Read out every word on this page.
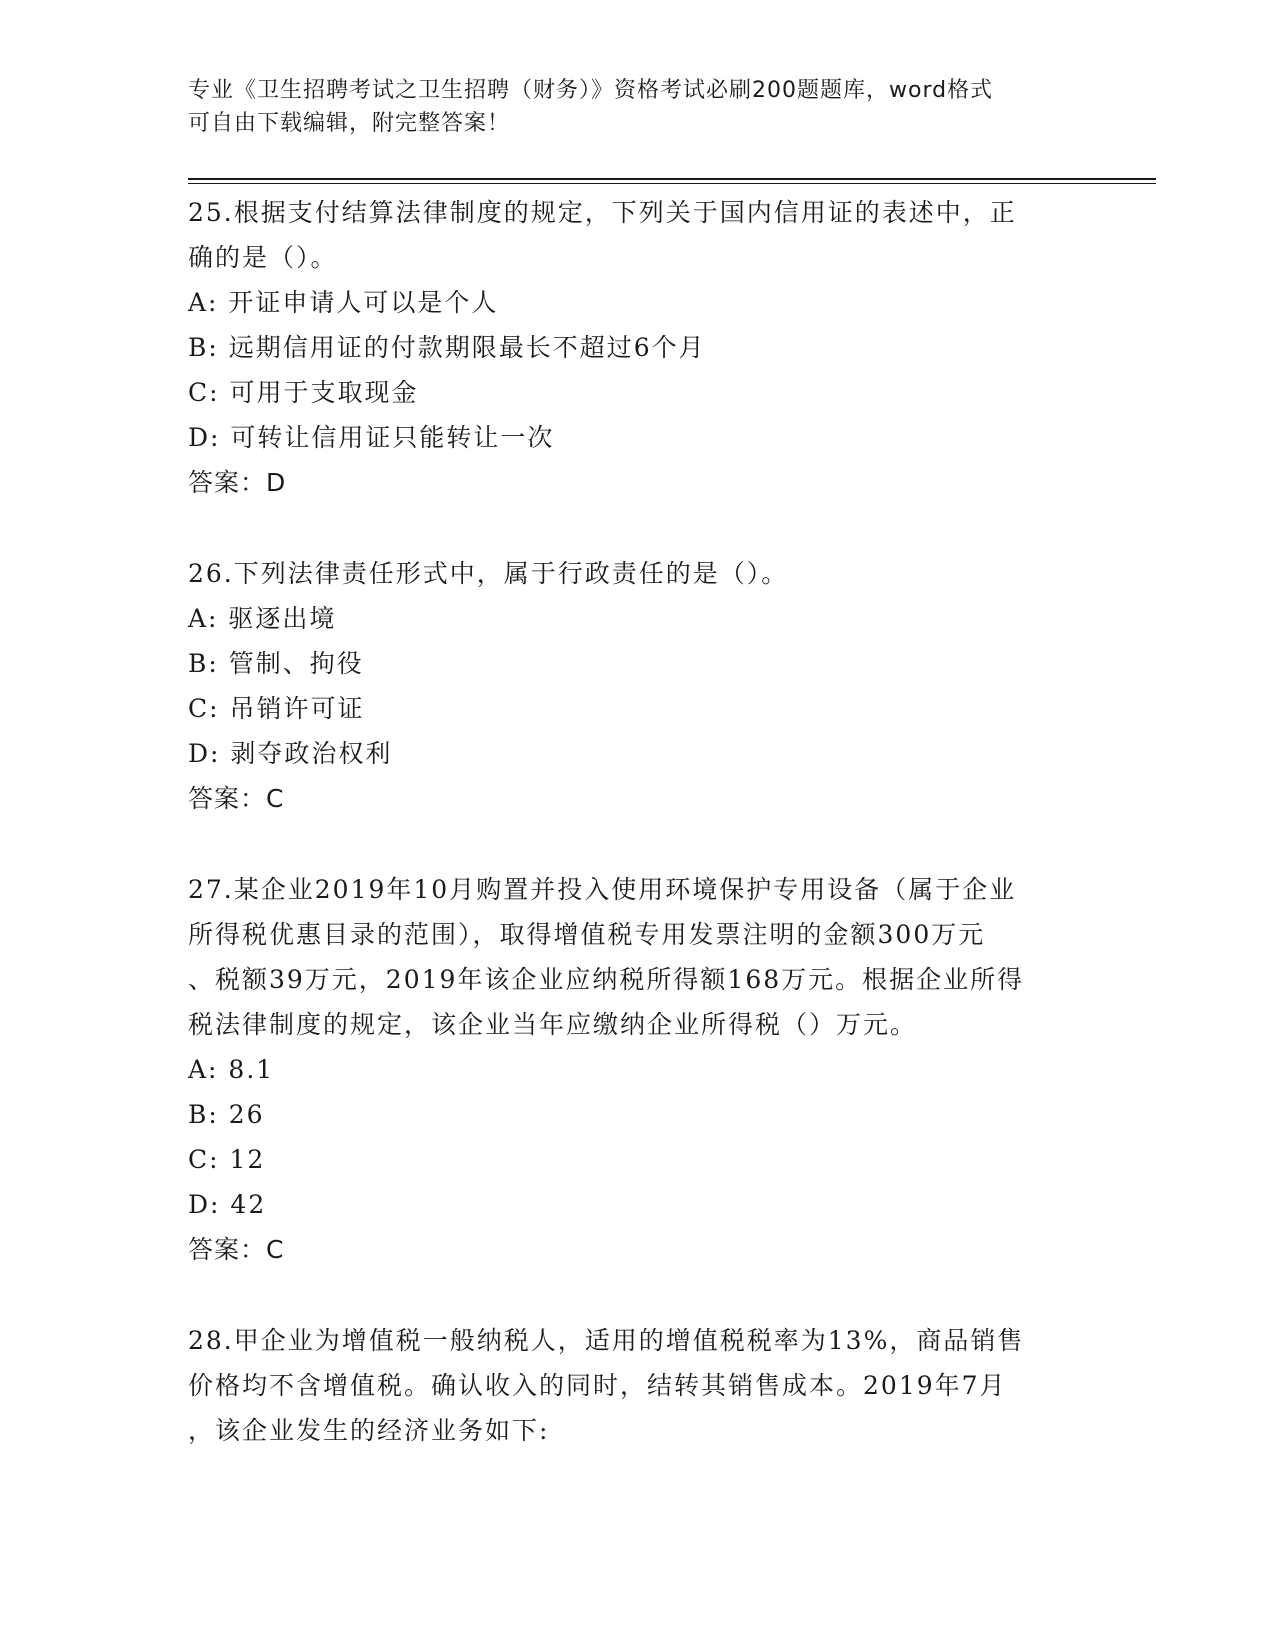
专业《卫生招聘考试之卫生招聘（财务）》资格考试必刷200题题库，word格式
可自由下载编辑，附完整答案！
25.根据支付结算法律制度的规定，下列关于国内信用证的表述中，正
确的是（）。
A: 开证申请人可以是个人
B: 远期信用证的付款期限最长不超过6个月
C: 可用于支取现金
D: 可转让信用证只能转让一次
答案：D
26.下列法律责任形式中，属于行政责任的是（）。
A: 驱逐出境
B: 管制、拘役
C: 吊销许可证
D: 剥夺政治权利
答案：C
27.某企业2019年10月购置并投入使用环境保护专用设备（属于企业
所得税优惠目录的范围），取得增值税专用发票注明的金额300万元
、税额39万元，2019年该企业应纳税所得额168万元。根据企业所得
税法律制度的规定，该企业当年应缴纳企业所得税（）万元。
A: 8.1
B: 26
C: 12
D: 42
答案：C
28.甲企业为增值税一般纳税人，适用的增值税税率为13%，商品销售
价格均不含增值税。确认收入的同时，结转其销售成本。2019年7月
，该企业发生的经济业务如下:
